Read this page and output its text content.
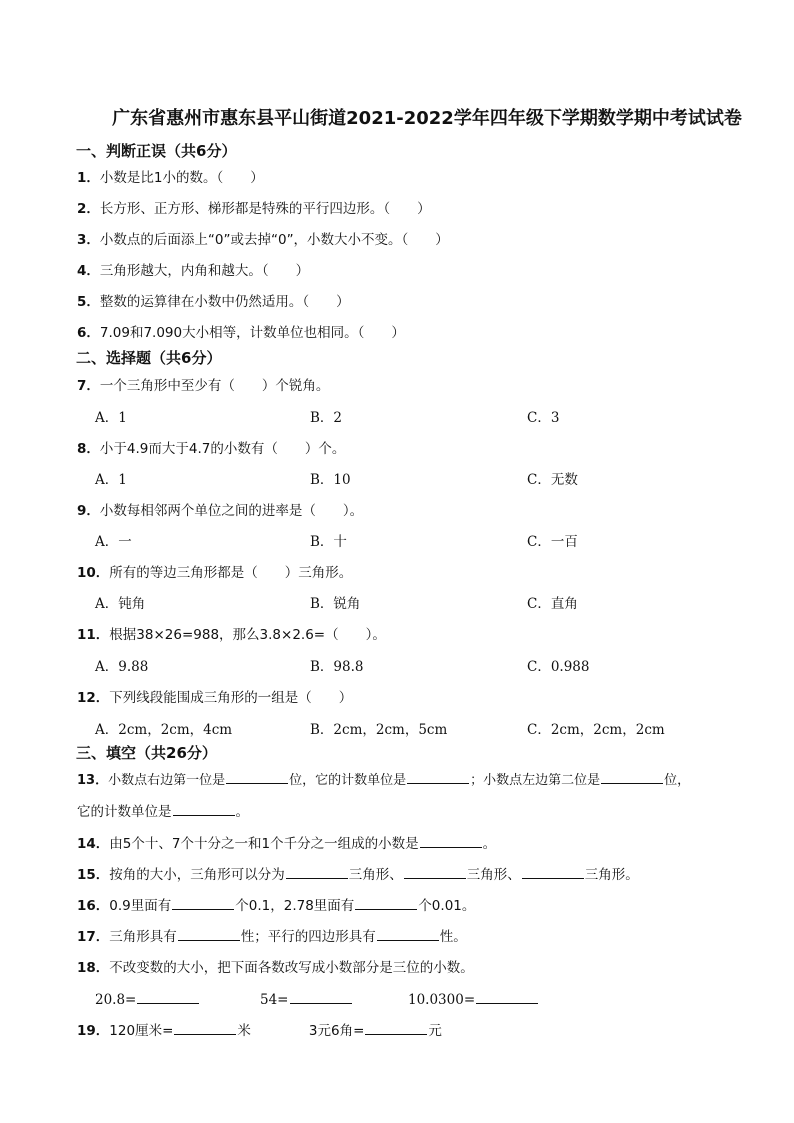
广东省惠州市惠东县平山街道2021-2022学年四年级下学期数学期中考试试卷
一、判断正误（共6分）
1．小数是比1小的数。（　　）
2．长方形、正方形、梯形都是特殊的平行四边形。（　　）
3．小数点的后面添上“0”或去掉“0”，小数大小不变。（　　）
4．三角形越大，内角和越大。（　　）
5．整数的运算律在小数中仍然适用。（　　）
6．7.09和7.090大小相等，计数单位也相同。（　　）
二、选择题（共6分）
7．一个三角形中至少有（　　）个锐角。
A．1	B．2	C．3
8．小于4.9而大于4.7的小数有（　　）个。
A．1	B．10	C．无数
9．小数每相邻两个单位之间的进率是（　　）。
A．一	B．十	C．一百
10．所有的等边三角形都是（　　）三角形。
A．钝角	B．锐角	C．直角
11．根据38×26=988，那么3.8×2.6=（　　）。
A．9.88	B．98.8	C．0.988
12．下列线段能围成三角形的一组是（　　）
A．2cm，2cm，4cm	B．2cm，2cm，5cm	C．2cm，2cm，2cm
三、填空（共26分）
13．小数点右边第一位是	位，它的计数单位是	；小数点左边第二位是	位，
它的计数单位是	。
14．由5个十、7个十分之一和1个千分之一组成的小数是	。
15．按角的大小，三角形可以分为	三角形、	三角形、	三角形。
16．0.9里面有	个0.1，2.78里面有	个0.01。
17．三角形具有	性；平行的四边形具有	性。
18．不改变数的大小，把下面各数改写成小数部分是三位的小数。
20.8=	54=	10.0300=
19．120厘米=	米	3元6角=	元
